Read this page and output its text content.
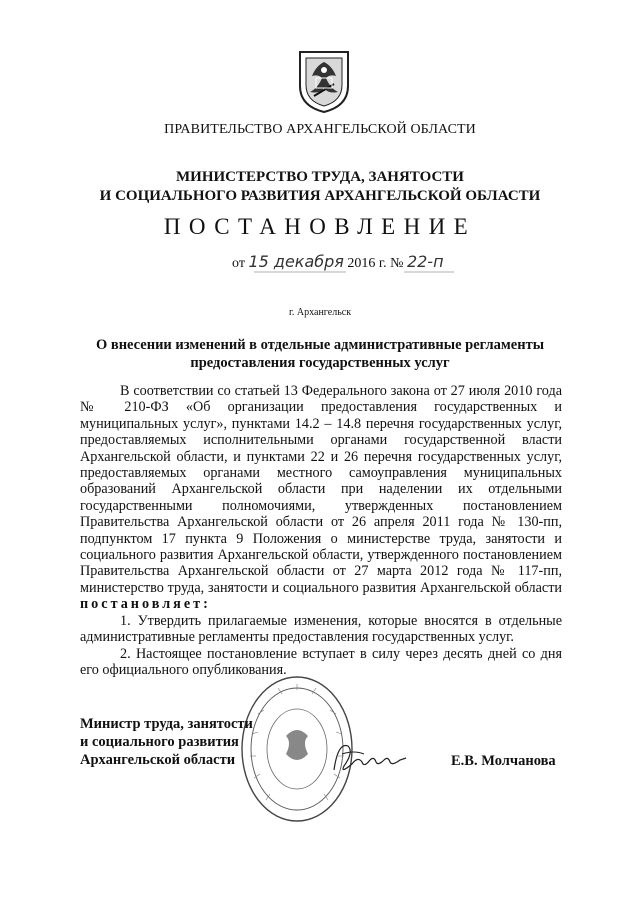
ПРАВИТЕЛЬСТВО АРХАНГЕЛЬСКОЙ ОБЛАСТИ
МИНИСТЕРСТВО ТРУДА, ЗАНЯТОСТИ
И СОЦИАЛЬНОГО РАЗВИТИЯ АРХАНГЕЛЬСКОЙ ОБЛАСТИ
ПОСТАНОВЛЕНИЕ
от 15 декабря 2016 г. № 22-п
г. Архангельск
О внесении изменений в отдельные административные регламенты
предоставления государственных услуг

В соответствии со статьей 13 Федерального закона от 27 июля 2010 года № 210-ФЗ «Об организации предоставления государственных и муниципальных услуг», пунктами 14.2 – 14.8 перечня государственных услуг, предоставляемых исполнительными органами государственной власти Архангельской области, и пунктами 22 и 26 перечня государственных услуг, предоставляемых органами местного самоуправления муниципальных образований Архангельской области при наделении их отдельными государственными полномочиями, утвержденных постановлением Правительства Архангельской области от 26 апреля 2011 года № 130-пп, подпунктом 17 пункта 9 Положения о министерстве труда, занятости и социального развития Архангельской области, утвержденного постановлением Правительства Архангельской области от 27 марта 2012 года № 117-пп, министерство труда, занятости и социального развития Архангельской области постановляет:

1. Утвердить прилагаемые изменения, которые вносятся в отдельные административные регламенты предоставления государственных услуг.

2. Настоящее постановление вступает в силу через десять дней со дня его официального опубликования.

Министр труда, занятости
и социального развития
Архангельской области	Е.В. Молчанова
